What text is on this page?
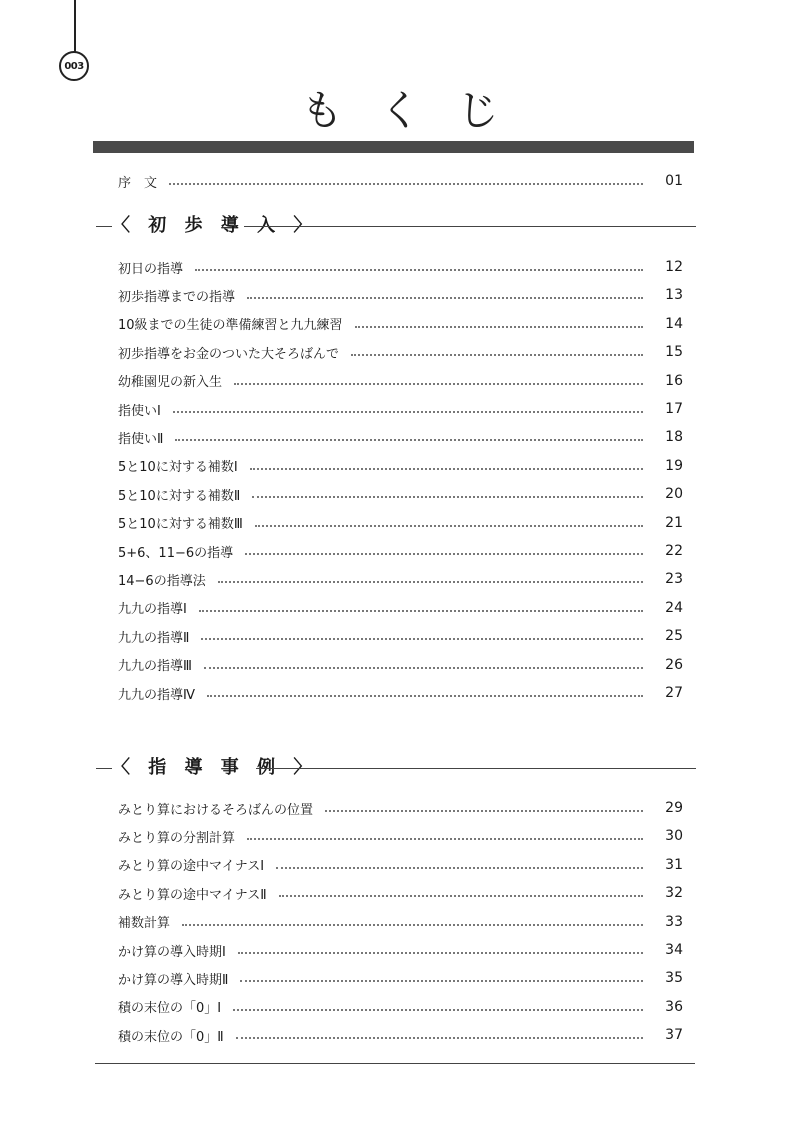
003
もくじ
序　文	01
〈 初 歩 導 入 〉
初日の指導	12
初歩指導までの指導	13
10級までの生徒の準備練習と九九練習	14
初歩指導をお金のついた大そろばんで	15
幼稚園児の新入生	16
指使いⅠ	17
指使いⅡ	18
5と10に対する補数Ⅰ	19
5と10に対する補数Ⅱ	20
5と10に対する補数Ⅲ	21
5+6、11−6の指導	22
14−6の指導法	23
九九の指導Ⅰ	24
九九の指導Ⅱ	25
九九の指導Ⅲ	26
九九の指導Ⅳ	27
〈 指 導 事 例 〉
みとり算におけるそろばんの位置	29
みとり算の分割計算	30
みとり算の途中マイナスⅠ	31
みとり算の途中マイナスⅡ	32
補数計算	33
かけ算の導入時期Ⅰ	34
かけ算の導入時期Ⅱ	35
積の末位の「0」Ⅰ	36
積の末位の「0」Ⅱ	37
